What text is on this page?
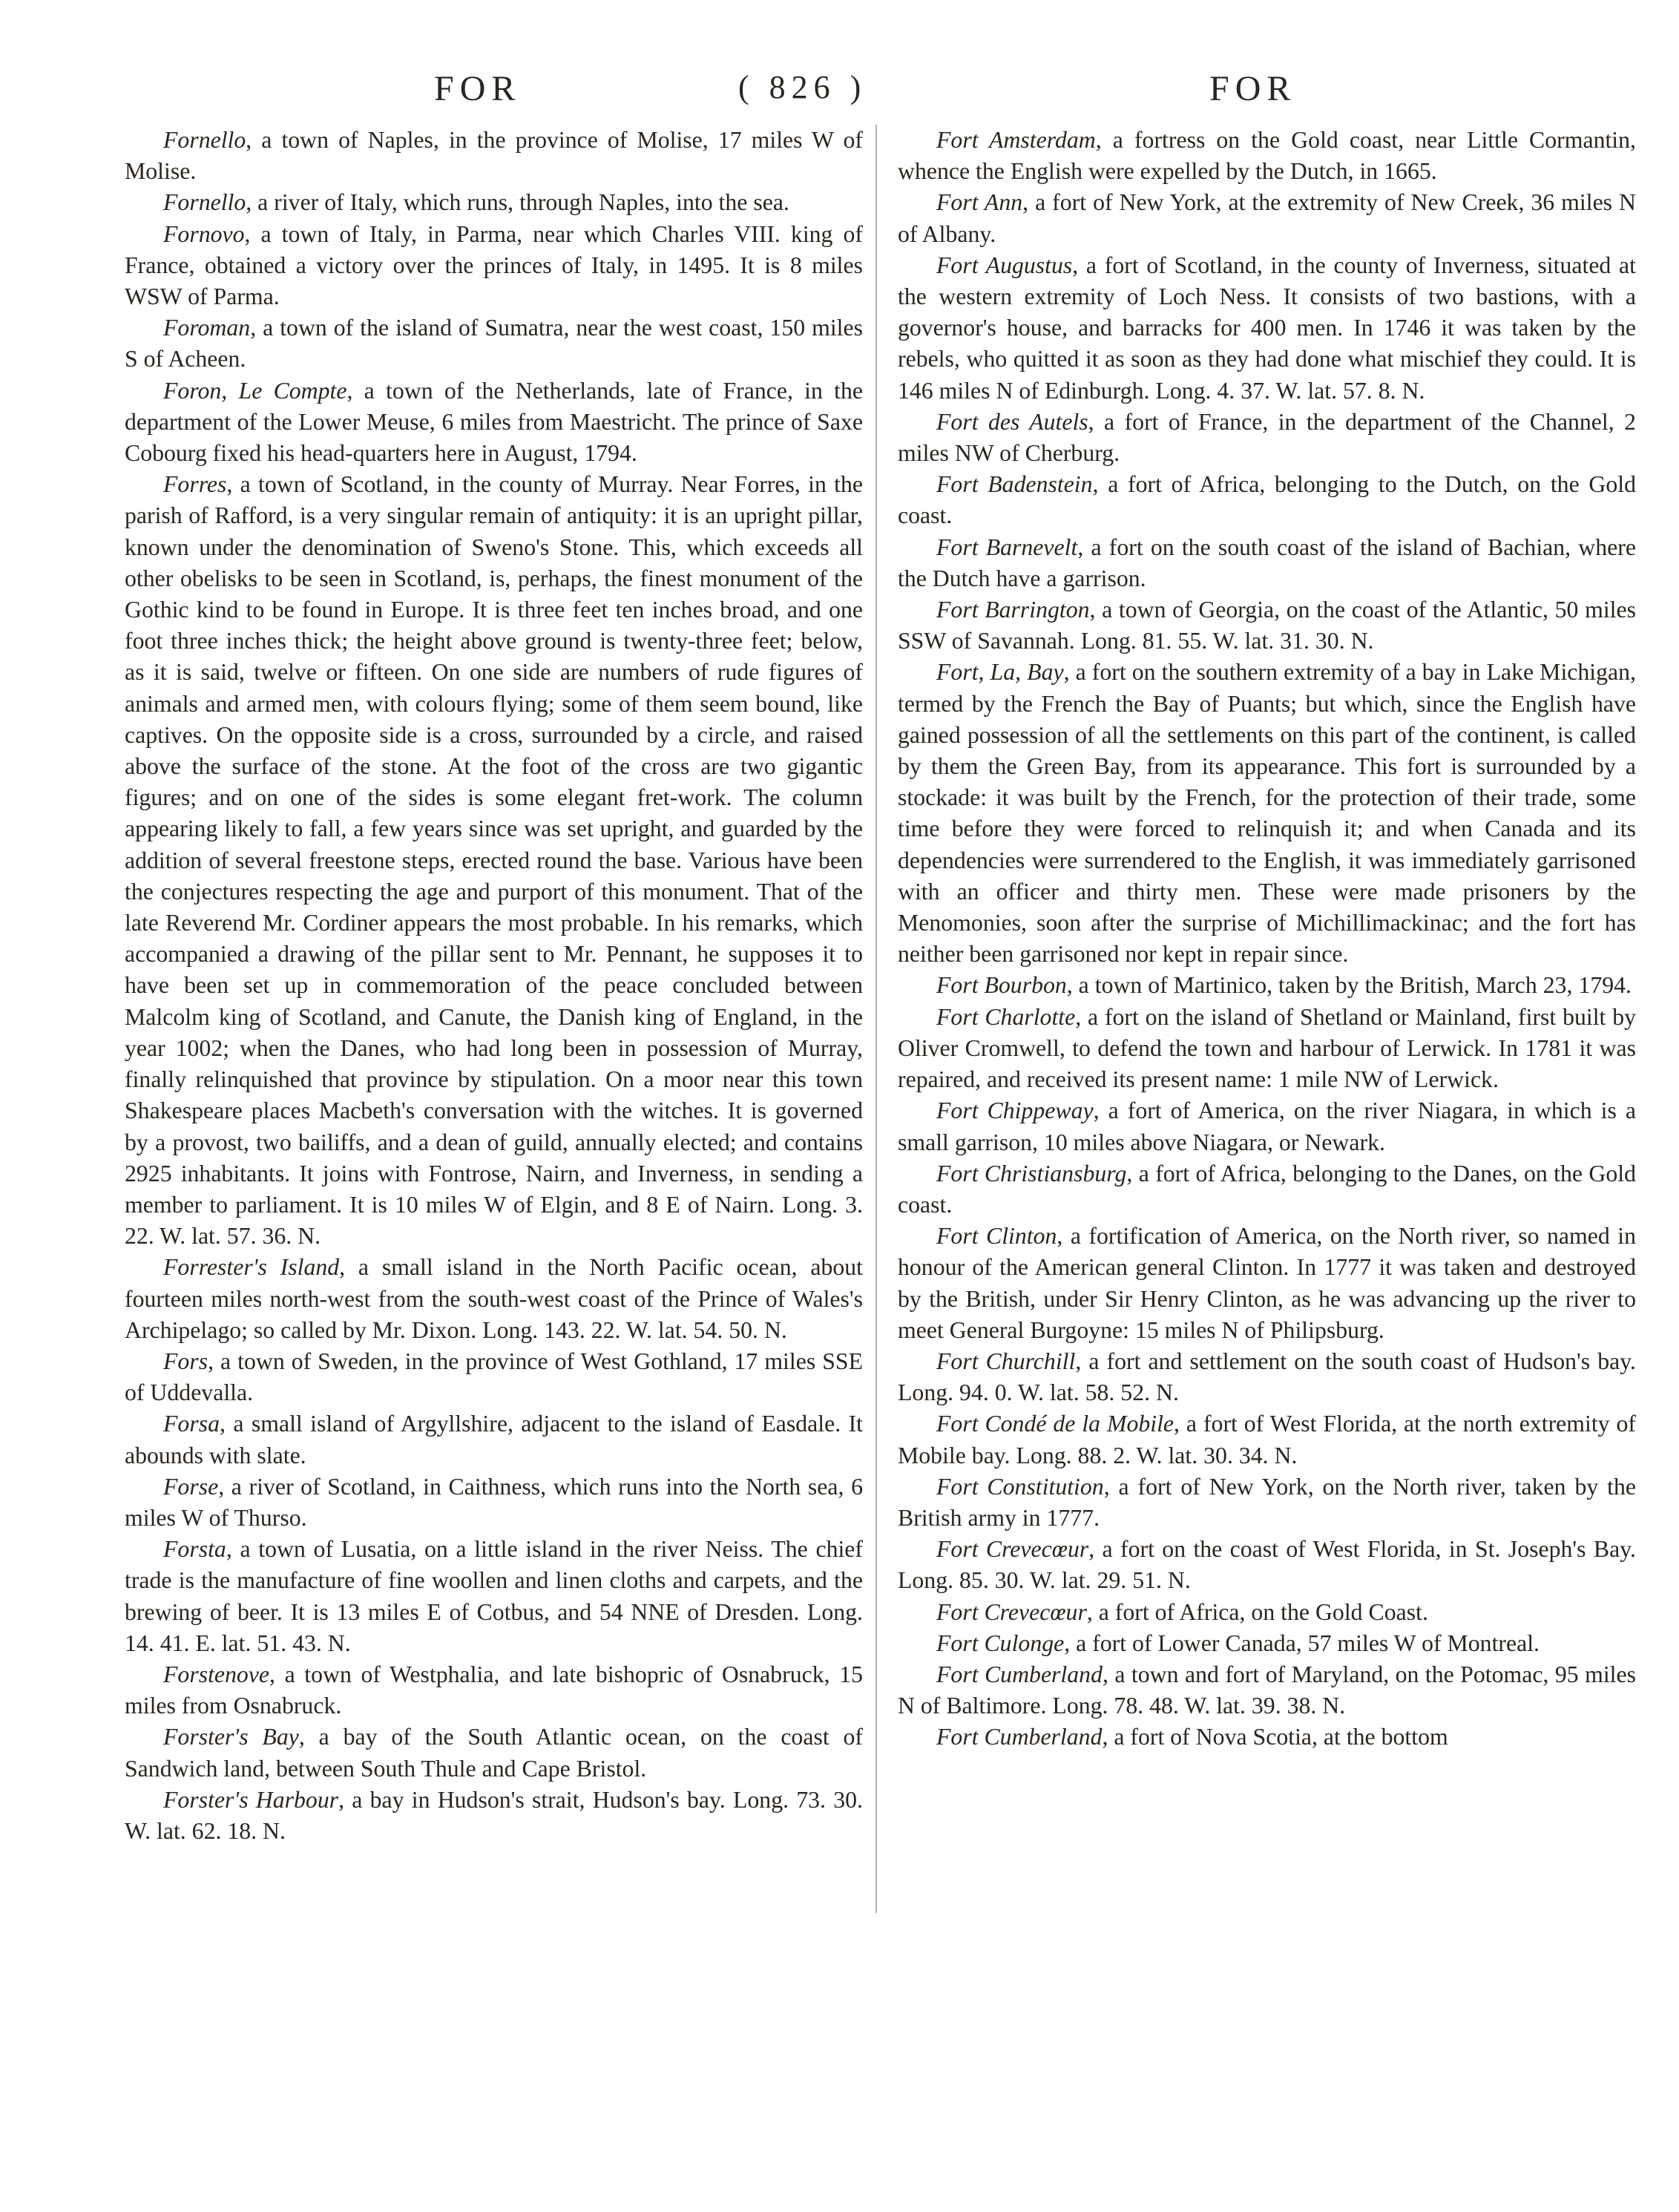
FOR	( 826 )	FOR

Fornello, a town of Naples, in the province of Molise, 17 miles W of Molise.

Fornello, a river of Italy, which runs, through Naples, into the sea.

Fornovo, a town of Italy, in Parma, near which Charles VIII. king of France, obtained a victory over the princes of Italy, in 1495. It is 8 miles WSW of Parma.

Foroman, a town of the island of Sumatra, near the west coast, 150 miles S of Acheen.

Foron, Le Compte, a town of the Netherlands, late of France, in the department of the Lower Meuse, 6 miles from Maestricht. The prince of Saxe Cobourg fixed his head-quarters here in August, 1794.

Forres, a town of Scotland, in the county of Murray. Near Forres, in the parish of Rafford, is a very singular remain of antiquity: it is an upright pillar, known under the denomination of Sweno's Stone. This, which exceeds all other obelisks to be seen in Scotland, is, perhaps, the finest monument of the Gothic kind to be found in Europe. It is three feet ten inches broad, and one foot three inches thick; the height above ground is twenty-three feet; below, as it is said, twelve or fifteen. On one side are numbers of rude figures of animals and armed men, with colours flying; some of them seem bound, like captives. On the opposite side is a cross, surrounded by a circle, and raised above the surface of the stone. At the foot of the cross are two gigantic figures; and on one of the sides is some elegant fret-work. The column appearing likely to fall, a few years since was set upright, and guarded by the addition of several freestone steps, erected round the base. Various have been the conjectures respecting the age and purport of this monument. That of the late Reverend Mr. Cordiner appears the most probable. In his remarks, which accompanied a drawing of the pillar sent to Mr. Pennant, he supposes it to have been set up in commemoration of the peace concluded between Malcolm king of Scotland, and Canute, the Danish king of England, in the year 1002; when the Danes, who had long been in possession of Murray, finally relinquished that province by stipulation. On a moor near this town Shakespeare places Macbeth's conversation with the witches. It is governed by a provost, two bailiffs, and a dean of guild, annually elected; and contains 2925 inhabitants. It joins with Fontrose, Nairn, and Inverness, in sending a member to parliament. It is 10 miles W of Elgin, and 8 E of Nairn. Long. 3. 22. W. lat. 57. 36. N.

Forrester's Island, a small island in the North Pacific ocean, about fourteen miles north-west from the south-west coast of the Prince of Wales's Archipelago; so called by Mr. Dixon. Long. 143. 22. W. lat. 54. 50. N.

Fors, a town of Sweden, in the province of West Gothland, 17 miles SSE of Uddevalla.

Forsa, a small island of Argyllshire, adjacent to the island of Easdale. It abounds with slate.

Forse, a river of Scotland, in Caithness, which runs into the North sea, 6 miles W of Thurso.

Forsta, a town of Lusatia, on a little island in the river Neiss. The chief trade is the manufacture of fine woollen and linen cloths and carpets, and the brewing of beer. It is 13 miles E of Cotbus, and 54 NNE of Dresden. Long. 14. 41. E. lat. 51. 43. N.

Forstenove, a town of Westphalia, and late bishopric of Osnabruck, 15 miles from Osnabruck.

Forster's Bay, a bay of the South Atlantic ocean, on the coast of Sandwich land, between South Thule and Cape Bristol.

Forster's Harbour, a bay in Hudson's strait, Hudson's bay. Long. 73. 30. W. lat. 62. 18. N.

Fort Amsterdam, a fortress on the Gold coast, near Little Cormantin, whence the English were expelled by the Dutch, in 1665.

Fort Ann, a fort of New York, at the extremity of New Creek, 36 miles N of Albany.

Fort Augustus, a fort of Scotland, in the county of Inverness, situated at the western extremity of Loch Ness. It consists of two bastions, with a governor's house, and barracks for 400 men. In 1746 it was taken by the rebels, who quitted it as soon as they had done what mischief they could. It is 146 miles N of Edinburgh. Long. 4. 37. W. lat. 57. 8. N.

Fort des Autels, a fort of France, in the department of the Channel, 2 miles NW of Cherburg.

Fort Badenstein, a fort of Africa, belonging to the Dutch, on the Gold coast.

Fort Barnevelt, a fort on the south coast of the island of Bachian, where the Dutch have a garrison.

Fort Barrington, a town of Georgia, on the coast of the Atlantic, 50 miles SSW of Savannah. Long. 81. 55. W. lat. 31. 30. N.

Fort, La, Bay, a fort on the southern extremity of a bay in Lake Michigan, termed by the French the Bay of Puants; but which, since the English have gained possession of all the settlements on this part of the continent, is called by them the Green Bay, from its appearance. This fort is surrounded by a stockade: it was built by the French, for the protection of their trade, some time before they were forced to relinquish it; and when Canada and its dependencies were surrendered to the English, it was immediately garrisoned with an officer and thirty men. These were made prisoners by the Menomonies, soon after the surprise of Michillimackinac; and the fort has neither been garrisoned nor kept in repair since.

Fort Bourbon, a town of Martinico, taken by the British, March 23, 1794.

Fort Charlotte, a fort on the island of Shetland or Mainland, first built by Oliver Cromwell, to defend the town and harbour of Lerwick. In 1781 it was repaired, and received its present name: 1 mile NW of Lerwick.

Fort Chippeway, a fort of America, on the river Niagara, in which is a small garrison, 10 miles above Niagara, or Newark.

Fort Christiansburg, a fort of Africa, belonging to the Danes, on the Gold coast.

Fort Clinton, a fortification of America, on the North river, so named in honour of the American general Clinton. In 1777 it was taken and destroyed by the British, under Sir Henry Clinton, as he was advancing up the river to meet General Burgoyne: 15 miles N of Philipsburg.

Fort Churchill, a fort and settlement on the south coast of Hudson's bay. Long. 94. 0. W. lat. 58. 52. N.

Fort Condé de la Mobile, a fort of West Florida, at the north extremity of Mobile bay. Long. 88. 2. W. lat. 30. 34. N.

Fort Constitution, a fort of New York, on the North river, taken by the British army in 1777.

Fort Crevecœur, a fort on the coast of West Florida, in St. Joseph's Bay. Long. 85. 30. W. lat. 29. 51. N.

Fort Crevecœur, a fort of Africa, on the Gold Coast.

Fort Culonge, a fort of Lower Canada, 57 miles W of Montreal.

Fort Cumberland, a town and fort of Maryland, on the Potomac, 95 miles N of Baltimore. Long. 78. 48. W. lat. 39. 38. N.

Fort Cumberland, a fort of Nova Scotia, at the bottom
